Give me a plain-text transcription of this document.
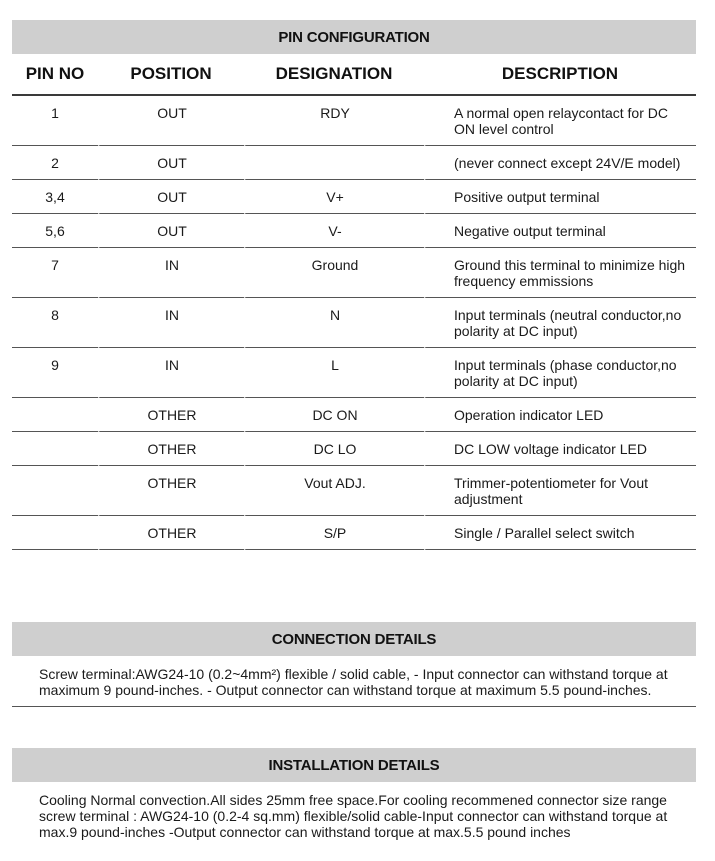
PIN CONFIGURATION
PIN NO	POSITION	DESIGNATION	DESCRIPTION
1	OUT	RDY	A normal open relaycontact for DC ON level control
2	OUT		(never connect except 24V/E model)
3,4	OUT	V+	Positive output terminal
5,6	OUT	V-	Negative output terminal
7	IN	Ground	Ground this terminal to minimize high frequency emmissions
8	IN	N	Input terminals (neutral conductor,no polarity at DC input)
9	IN	L	Input terminals (phase conductor,no polarity at DC input)
	OTHER	DC ON	Operation indicator LED
	OTHER	DC LO	DC LOW voltage indicator LED
	OTHER	Vout ADJ.	Trimmer-potentiometer for Vout adjustment
	OTHER	S/P	Single / Parallel select switch
CONNECTION DETAILS
Screw terminal:AWG24-10 (0.2~4mm²) flexible / solid cable, - Input connector can withstand torque at maximum 9 pound-inches. - Output connector can withstand torque at maximum 5.5 pound-inches.
INSTALLATION DETAILS
Cooling Normal convection.All sides 25mm free space.For cooling recommened connector size range screw terminal : AWG24-10 (0.2-4 sq.mm) flexible/solid cable-Input connector can withstand torque at max.9 pound-inches -Output connector can withstand torque at max.5.5 pound inches
